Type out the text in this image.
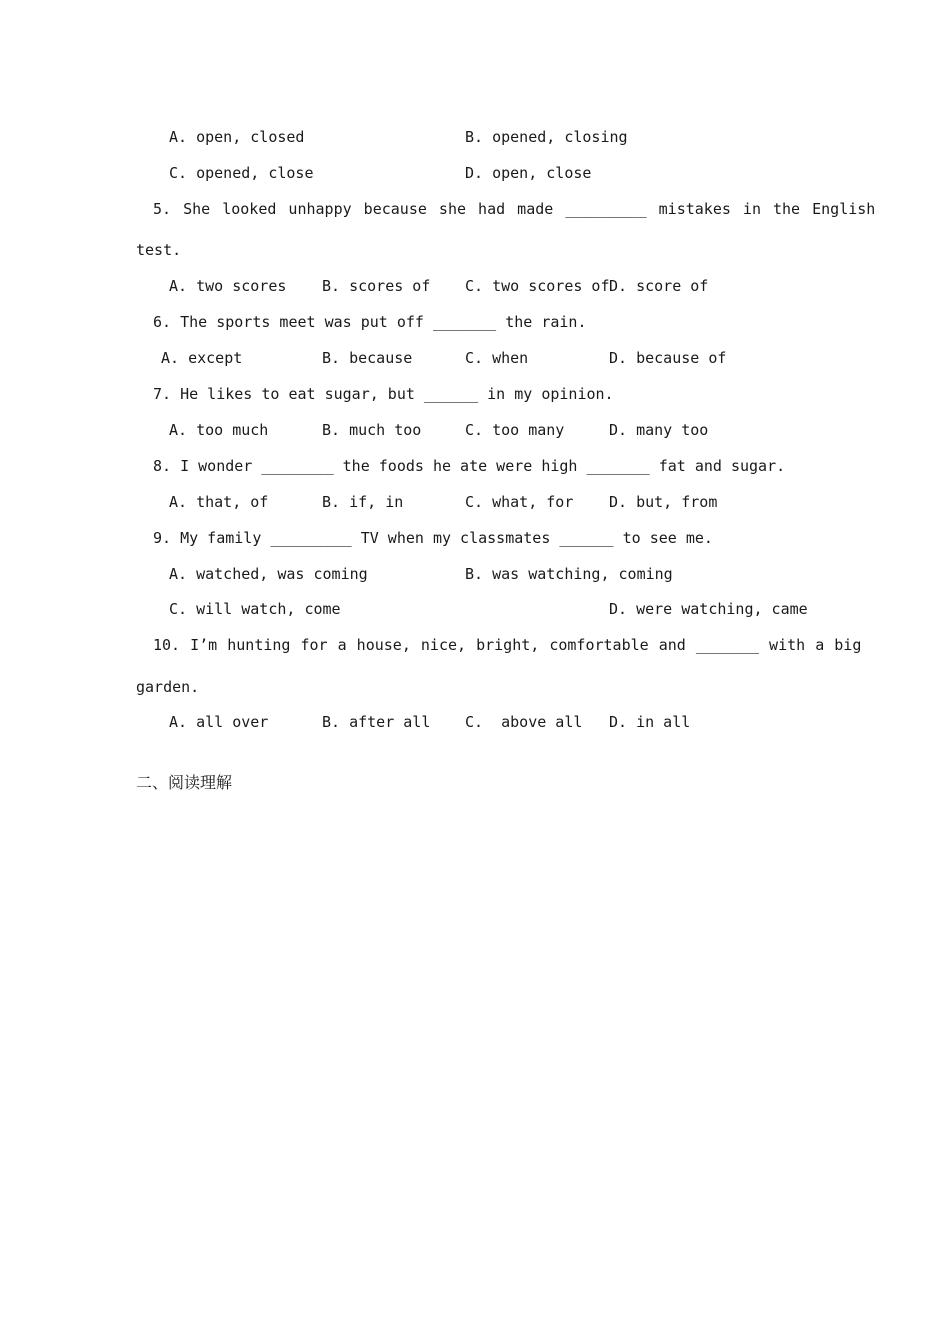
A. open, closed	B. opened, closing
C. opened, close	D. open, close
5. She looked unhappy because she had made _________ mistakes in the English
test.
A. two scores B. scores of C. two scores of D. score of
6. The sports meet was put off _______ the rain.
A. except	B. because	C. when	D. because of
7. He likes to eat sugar, but ______ in my opinion.
A. too much	B. much too	C. too many	D. many too
8. I wonder ________ the foods he ate were high _______ fat and sugar.
A. that, of	B. if, in	C. what, for D. but, from
9. My family _________ TV when my classmates ______ to see me.
A. watched, was coming	B. was watching, coming
C. will watch, come	D. were watching, came
10. I’m hunting for a house, nice, bright, comfortable and _______ with a big
garden.
A. all over	B. after all C.  above all D. in all
二、阅读理解
